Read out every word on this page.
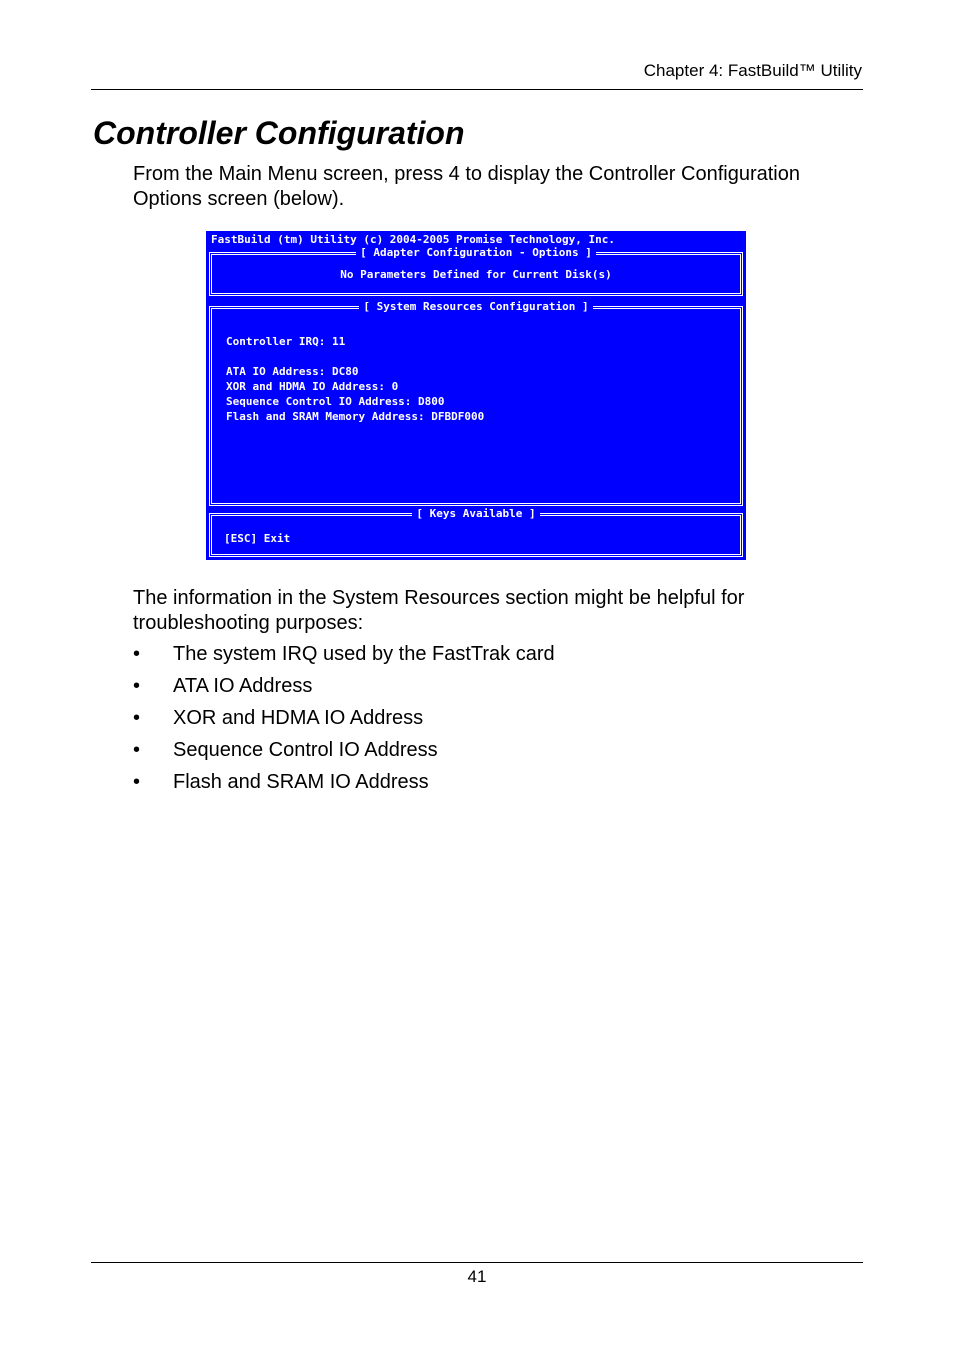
Chapter 4: FastBuild™ Utility
Controller Configuration

From the Main Menu screen, press 4 to display the Controller Configuration Options screen (below).

FastBuild (tm) Utility (c) 2004-2005 Promise Technology, Inc.
[ Adapter Configuration - Options ]
No Parameters Defined for Current Disk(s)
[ System Resources Configuration ]
Controller IRQ: 11
ATA IO Address: DC80
XOR and HDMA IO Address: 0
Sequence Control IO Address: D800
Flash and SRAM Memory Address: DFBDF000
[ Keys Available ]
[ESC] Exit

The information in the System Resources section might be helpful for troubleshooting purposes:

• The system IRQ used by the FastTrak card
• ATA IO Address
• XOR and HDMA IO Address
• Sequence Control IO Address
• Flash and SRAM IO Address
41
